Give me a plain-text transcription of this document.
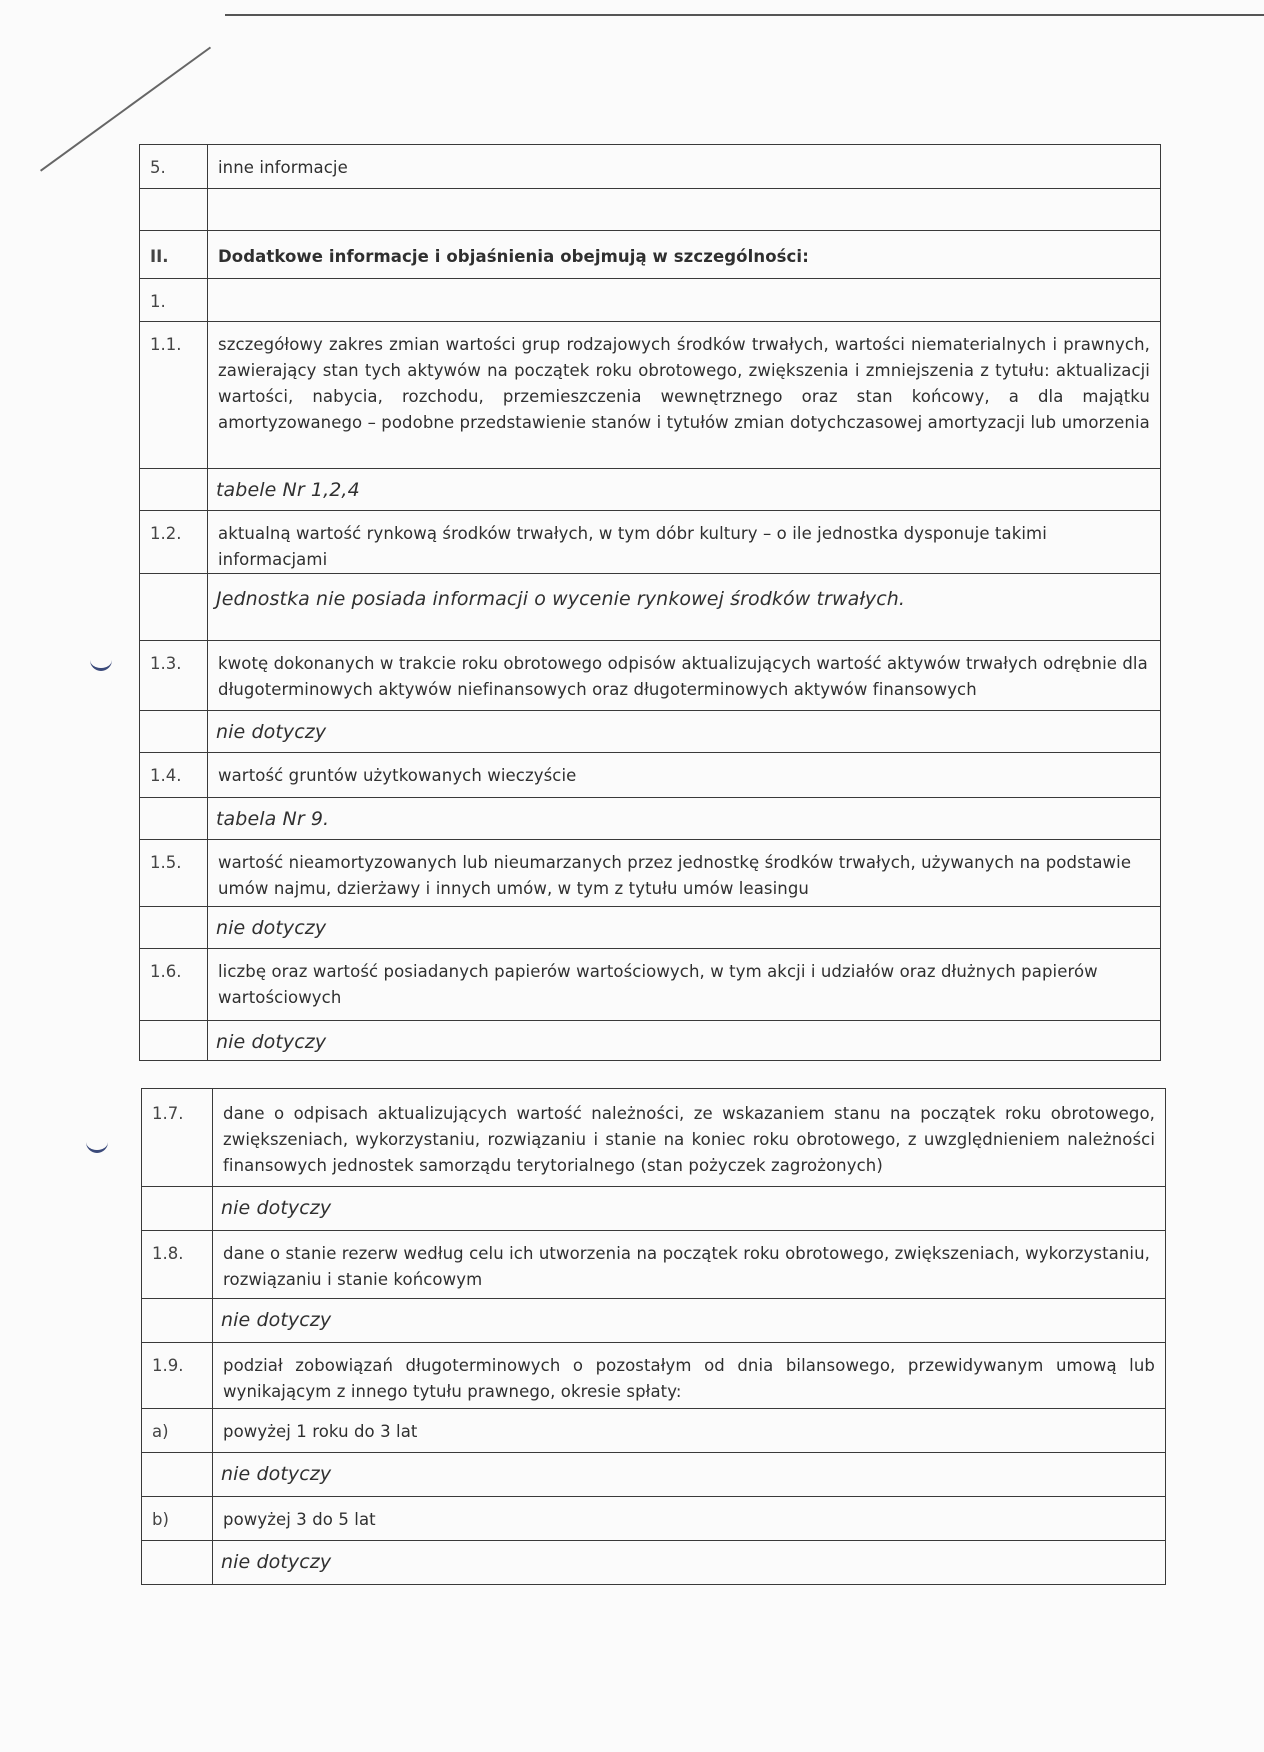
5.	inne informacje

II.	Dodatkowe informacje i objaśnienia obejmują w szczególności:
1.	
1.1.	szczegółowy zakres zmian wartości grup rodzajowych środków trwałych, wartości niematerialnych i prawnych, zawierający stan tych aktywów na początek roku obrotowego, zwiększenia i zmniejszenia z tytułu: aktualizacji wartości, nabycia, rozchodu, przemieszczenia wewnętrznego oraz stan końcowy, a dla majątku amortyzowanego – podobne przedstawienie stanów i tytułów zmian dotychczasowej amortyzacji lub umorzenia
	tabele Nr 1,2,4
1.2.	aktualną wartość rynkową środków trwałych, w tym dóbr kultury – o ile jednostka dysponuje takimi informacjami
	Jednostka nie posiada informacji o wycenie rynkowej środków trwałych.
1.3.	kwotę dokonanych w trakcie roku obrotowego odpisów aktualizujących wartość aktywów trwałych odrębnie dla długoterminowych aktywów niefinansowych oraz długoterminowych aktywów finansowych
	nie dotyczy
1.4.	wartość gruntów użytkowanych wieczyście
	tabela Nr 9.
1.5.	wartość nieamortyzowanych lub nieumarzanych przez jednostkę środków trwałych, używanych na podstawie umów najmu, dzierżawy i innych umów, w tym z tytułu umów leasingu
	nie dotyczy
1.6.	liczbę oraz wartość posiadanych papierów wartościowych, w tym akcji i udziałów oraz dłużnych papierów wartościowych
	nie dotyczy
1.7.	dane o odpisach aktualizujących wartość należności, ze wskazaniem stanu na początek roku obrotowego, zwiększeniach, wykorzystaniu, rozwiązaniu i stanie na koniec roku obrotowego, z uwzględnieniem należności finansowych jednostek samorządu terytorialnego (stan pożyczek zagrożonych)
	nie dotyczy
1.8.	dane o stanie rezerw według celu ich utworzenia na początek roku obrotowego, zwiększeniach, wykorzystaniu, rozwiązaniu i stanie końcowym
	nie dotyczy
1.9.	podział zobowiązań długoterminowych o pozostałym od dnia bilansowego, przewidywanym umową lub wynikającym z innego tytułu prawnego, okresie spłaty:
a)	powyżej 1 roku do 3 lat
	nie dotyczy
b)	powyżej 3 do 5 lat
	nie dotyczy
